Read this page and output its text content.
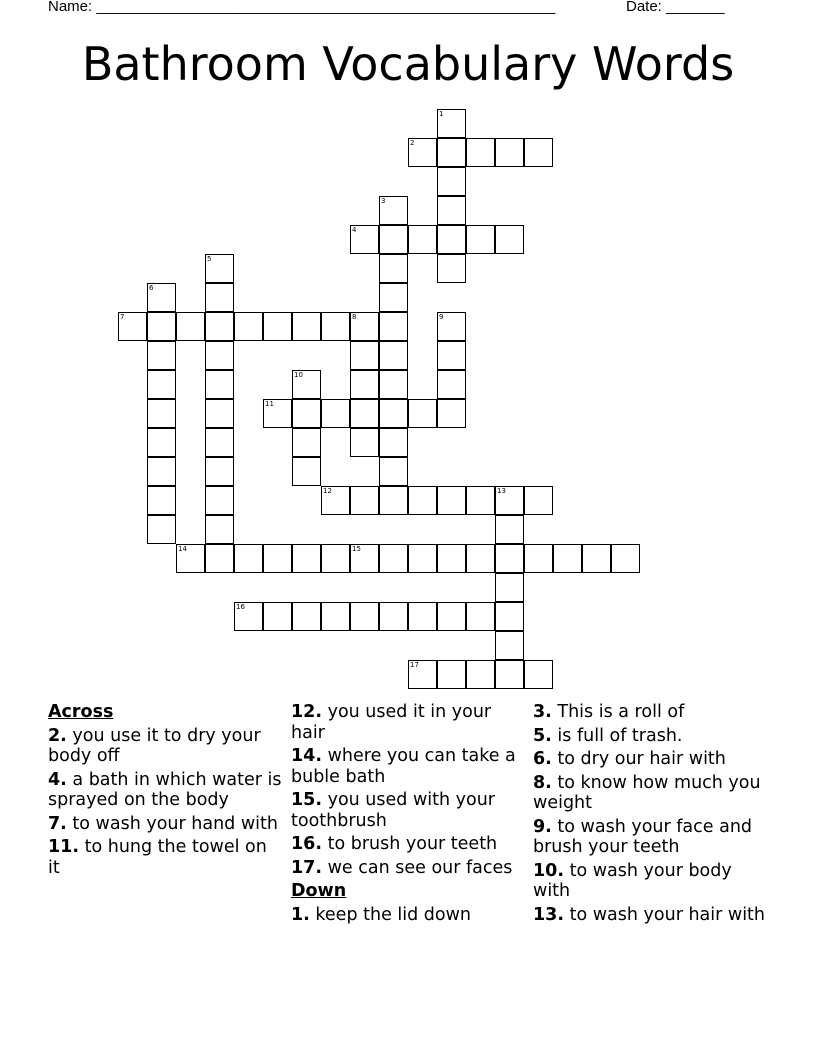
Name: _______________________________________________________	Date: _______
Bathroom Vocabulary Words
1
2
3
4
5
6
7	8	9
10
11
12	13
14	15
16
17
Across
2. you use it to dry your body off
4. a bath in which water is sprayed on the body
7. to wash your hand with
11. to hung the towel on it
12. you used it in your hair
14. where you can take a buble bath
15. you used with your toothbrush
16. to brush your teeth
17. we can see our faces
Down
1. keep the lid down
3. This is a roll of
5. is full of trash.
6. to dry our hair with
8. to know how much you weight
9. to wash your face and brush your teeth
10. to wash your body with
13. to wash your hair with
